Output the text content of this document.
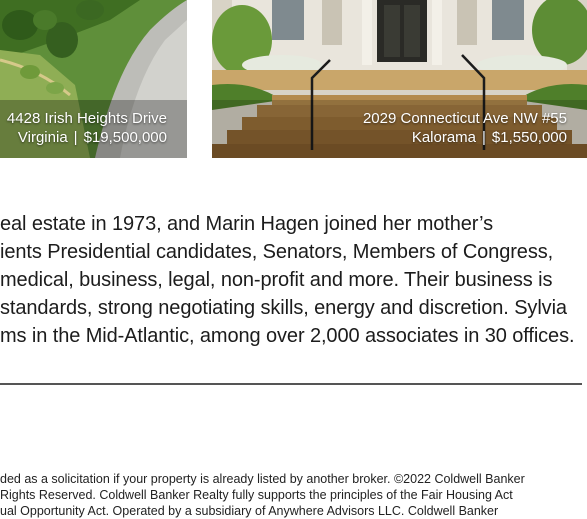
4428 Irish Heights Drive
Virginia | $19,500,000
2029 Connecticut Ave NW #55
Kalorama | $1,550,000
eal estate in 1973, and Marin Hagen joined her mother’s
ients Presidential candidates, Senators, Members of Congress,
medical, business, legal, non-profit and more. Their business is
standards, strong negotiating skills, energy and discretion. Sylvia
ms in the Mid-Atlantic, among over 2,000 associates in 30 offices.
ded as a solicitation if your property is already listed by another broker. ©2022 Coldwell Banker
Rights Reserved. Coldwell Banker Realty fully supports the principles of the Fair Housing Act
ual Opportunity Act. Operated by a subsidiary of Anywhere Advisors LLC. Coldwell Banker
